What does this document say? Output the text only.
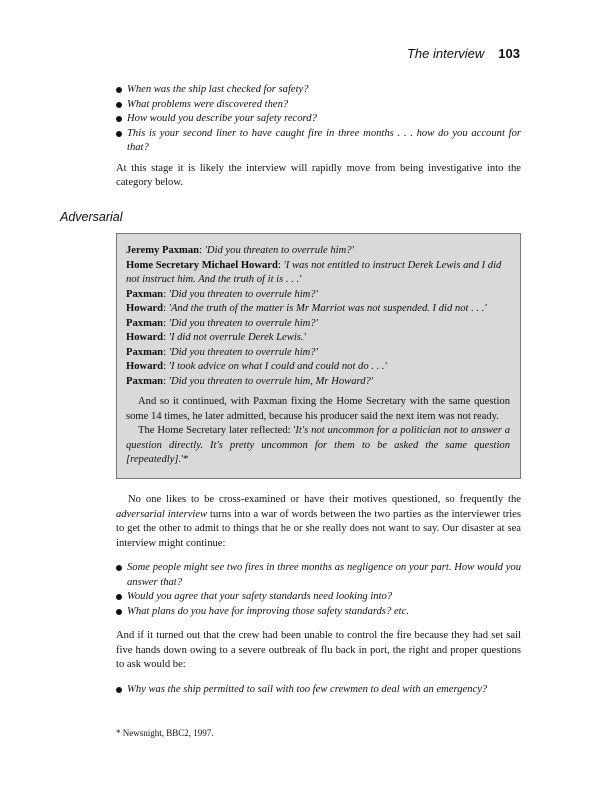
The interview 103
When was the ship last checked for safety?
What problems were discovered then?
How would you describe your safety record?
This is your second liner to have caught fire in three months . . . how do you account for that?

At this stage it is likely the interview will rapidly move from being investigative into the category below.

Adversarial
Jeremy Paxman: 'Did you threaten to overrule him?'
Home Secretary Michael Howard: 'I was not entitled to instruct Derek Lewis and I did not instruct him. And the truth of it is . . .'
Paxman: 'Did you threaten to overrule him?'
Howard: 'And the truth of the matter is Mr Marriot was not suspended. I did not . . .'
Paxman: 'Did you threaten to overrule him?'
Howard: 'I did not overrule Derek Lewis.'
Paxman: 'Did you threaten to overrule him?'
Howard: 'I took advice on what I could and could not do . . .'
Paxman: 'Did you threaten to overrule him, Mr Howard?'

And so it continued, with Paxman fixing the Home Secretary with the same question some 14 times, he later admitted, because his producer said the next item was not ready.

The Home Secretary later reflected: 'It's not uncommon for a politician not to answer a question directly. It's pretty uncommon for them to be asked the same question [repeatedly].'*

No one likes to be cross-examined or have their motives questioned, so frequently the adversarial interview turns into a war of words between the two parties as the interviewer tries to get the other to admit to things that he or she really does not want to say. Our disaster at sea interview might continue:

Some people might see two fires in three months as negligence on your part. How would you answer that?
Would you agree that your safety standards need looking into?
What plans do you have for improving those safety standards? etc.

And if it turned out that the crew had been unable to control the fire because they had set sail five hands down owing to a severe outbreak of flu back in port, the right and proper questions to ask would be:

Why was the ship permitted to sail with too few crewmen to deal with an emergency?
* Newsnight, BBC2, 1997.
